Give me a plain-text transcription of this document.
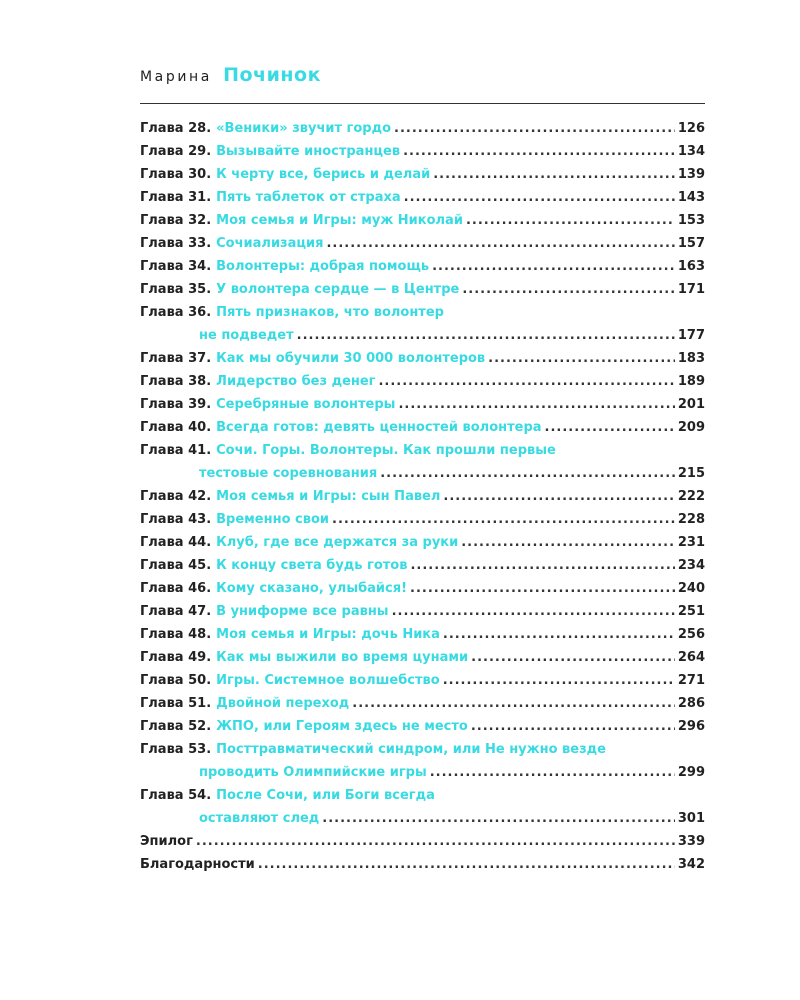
Марина Починок
Глава 28. «Веники» звучит гордо .....	126
Глава 29. Вызывайте иностранцев .....	134
Глава 30. К черту все, берись и делай .....	139
Глава 31. Пять таблеток от страха .....	143
Глава 32. Моя семья и Игры: муж Николай .....	153
Глава 33. Сочиализация .....	157
Глава 34. Волонтеры: добрая помощь .....	163
Глава 35. У волонтера сердце — в Центре .....	171
Глава 36. Пять признаков, что волонтер
не подведет .....	177
Глава 37. Как мы обучили 30 000 волонтеров .....	183
Глава 38. Лидерство без денег .....	189
Глава 39. Серебряные волонтеры .....	201
Глава 40. Всегда готов: девять ценностей волонтера .....	209
Глава 41. Сочи. Горы. Волонтеры. Как прошли первые
тестовые соревнования .....	215
Глава 42. Моя семья и Игры: сын Павел .....	222
Глава 43. Временно свои .....	228
Глава 44. Клуб, где все держатся за руки .....	231
Глава 45. К концу света будь готов .....	234
Глава 46. Кому сказано, улыбайся! .....	240
Глава 47. В униформе все равны .....	251
Глава 48. Моя семья и Игры: дочь Ника .....	256
Глава 49. Как мы выжили во время цунами .....	264
Глава 50. Игры. Системное волшебство .....	271
Глава 51. Двойной переход .....	286
Глава 52. ЖПО, или Героям здесь не место .....	296
Глава 53. Посттравматический синдром, или Не нужно везде
проводить Олимпийские игры .....	299
Глава 54. После Сочи, или Боги всегда
оставляют след .....	301
Эпилог .....	339
Благодарности .....	342
